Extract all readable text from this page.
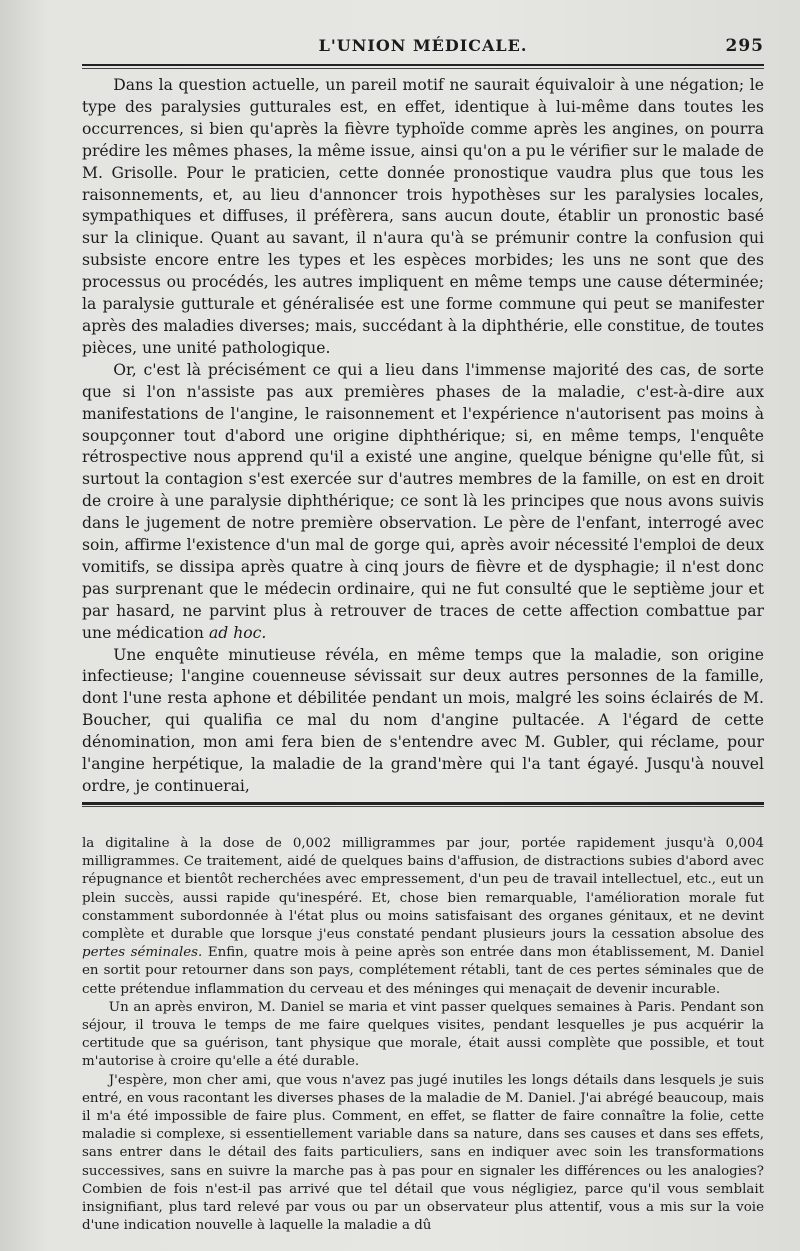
L'UNION MÉDICALE.	295

Dans la question actuelle, un pareil motif ne saurait équivaloir à une négation; le type des paralysies gutturales est, en effet, identique à lui-même dans toutes les occurrences, si bien qu'après la fièvre typhoïde comme après les angines, on pourra prédire les mêmes phases, la même issue, ainsi qu'on a pu le vérifier sur le malade de M. Grisolle. Pour le praticien, cette donnée pronostique vaudra plus que tous les raisonnements, et, au lieu d'annoncer trois hypothèses sur les paralysies locales, sympathiques et diffuses, il préfèrera, sans aucun doute, établir un pronostic basé sur la clinique. Quant au savant, il n'aura qu'à se prémunir contre la confusion qui subsiste encore entre les types et les espèces morbides; les uns ne sont que des processus ou procédés, les autres impliquent en même temps une cause déterminée; la paralysie gutturale et généralisée est une forme commune qui peut se manifester après des maladies diverses; mais, succédant à la diphthérie, elle constitue, de toutes pièces, une unité pathologique.

Or, c'est là précisément ce qui a lieu dans l'immense majorité des cas, de sorte que si l'on n'assiste pas aux premières phases de la maladie, c'est-à-dire aux manifestations de l'angine, le raisonnement et l'expérience n'autorisent pas moins à soupçonner tout d'abord une origine diphthérique; si, en même temps, l'enquête rétrospective nous apprend qu'il a existé une angine, quelque bénigne qu'elle fût, si surtout la contagion s'est exercée sur d'autres membres de la famille, on est en droit de croire à une paralysie diphthérique; ce sont là les principes que nous avons suivis dans le jugement de notre première observation. Le père de l'enfant, interrogé avec soin, affirme l'existence d'un mal de gorge qui, après avoir nécessité l'emploi de deux vomitifs, se dissipa après quatre à cinq jours de fièvre et de dysphagie; il n'est donc pas surprenant que le médecin ordinaire, qui ne fut consulté que le septième jour et par hasard, ne parvint plus à retrouver de traces de cette affection combattue par une médication ad hoc.

Une enquête minutieuse révéla, en même temps que la maladie, son origine infectieuse; l'angine couenneuse sévissait sur deux autres personnes de la famille, dont l'une resta aphone et débilitée pendant un mois, malgré les soins éclairés de M. Boucher, qui qualifia ce mal du nom d'angine pultacée. A l'égard de cette dénomination, mon ami fera bien de s'entendre avec M. Gubler, qui réclame, pour l'angine herpétique, la maladie de la grand'mère qui l'a tant égayé. Jusqu'à nouvel ordre, je continuerai,

la digitaline à la dose de 0,002 milligrammes par jour, portée rapidement jusqu'à 0,004 milligrammes. Ce traitement, aidé de quelques bains d'affusion, de distractions subies d'abord avec répugnance et bientôt recherchées avec empressement, d'un peu de travail intellectuel, etc., eut un plein succès, aussi rapide qu'inespéré. Et, chose bien remarquable, l'amélioration morale fut constamment subordonnée à l'état plus ou moins satisfaisant des organes génitaux, et ne devint complète et durable que lorsque j'eus constaté pendant plusieurs jours la cessation absolue des pertes séminales. Enfin, quatre mois à peine après son entrée dans mon établissement, M. Daniel en sortit pour retourner dans son pays, complétement rétabli, tant de ces pertes séminales que de cette prétendue inflammation du cerveau et des méninges qui menaçait de devenir incurable.

Un an après environ, M. Daniel se maria et vint passer quelques semaines à Paris. Pendant son séjour, il trouva le temps de me faire quelques visites, pendant lesquelles je pus acquérir la certitude que sa guérison, tant physique que morale, était aussi complète que possible, et tout m'autorise à croire qu'elle a été durable.

J'espère, mon cher ami, que vous n'avez pas jugé inutiles les longs détails dans lesquels je suis entré, en vous racontant les diverses phases de la maladie de M. Daniel. J'ai abrégé beaucoup, mais il m'a été impossible de faire plus. Comment, en effet, se flatter de faire connaître la folie, cette maladie si complexe, si essentiellement variable dans sa nature, dans ses causes et dans ses effets, sans entrer dans le détail des faits particuliers, sans en indiquer avec soin les transformations successives, sans en suivre la marche pas à pas pour en signaler les différences ou les analogies? Combien de fois n'est-il pas arrivé que tel détail que vous négligiez, parce qu'il vous semblait insignifiant, plus tard relevé par vous ou par un observateur plus attentif, vous a mis sur la voie d'une indication nouvelle à laquelle la maladie a dû
